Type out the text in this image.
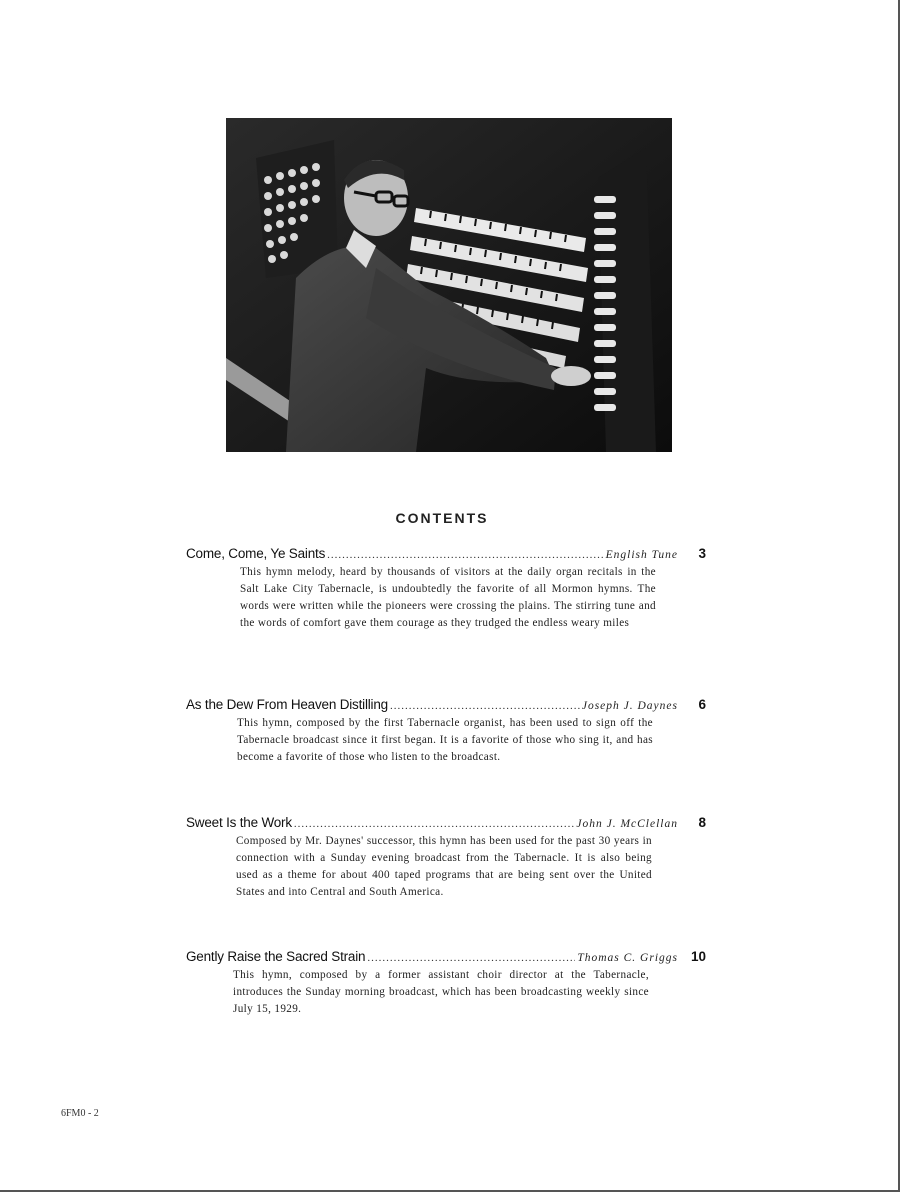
CONTENTS
Come, Come, Ye Saints .....	English Tune	3
This hymn melody, heard by thousands of visitors at the daily organ recitals in the Salt Lake City Tabernacle, is undoubtedly the favorite of all Mormon hymns. The words were written while the pioneers were crossing the plains. The stirring tune and the words of comfort gave them courage as they trudged the endless weary miles
As the Dew From Heaven Distilling .....	Joseph J. Daynes	6
This hymn, composed by the first Tabernacle organist, has been used to sign off the Tabernacle broadcast since it first began. It is a favorite of those who sing it, and has become a favorite of those who listen to the broadcast.
Sweet Is the Work .....	John J. McClellan	8
Composed by Mr. Daynes' successor, this hymn has been used for the past 30 years in connection with a Sunday evening broadcast from the Tabernacle. It is also being used as a theme for about 400 taped programs that are being sent over the United States and into Central and South America.
Gently Raise the Sacred Strain .....	Thomas C. Griggs 10
This hymn, composed by a former assistant choir director at the Tabernacle, introduces the Sunday morning broadcast, which has been broadcasting weekly since July 15, 1929.
6FM0 - 2
